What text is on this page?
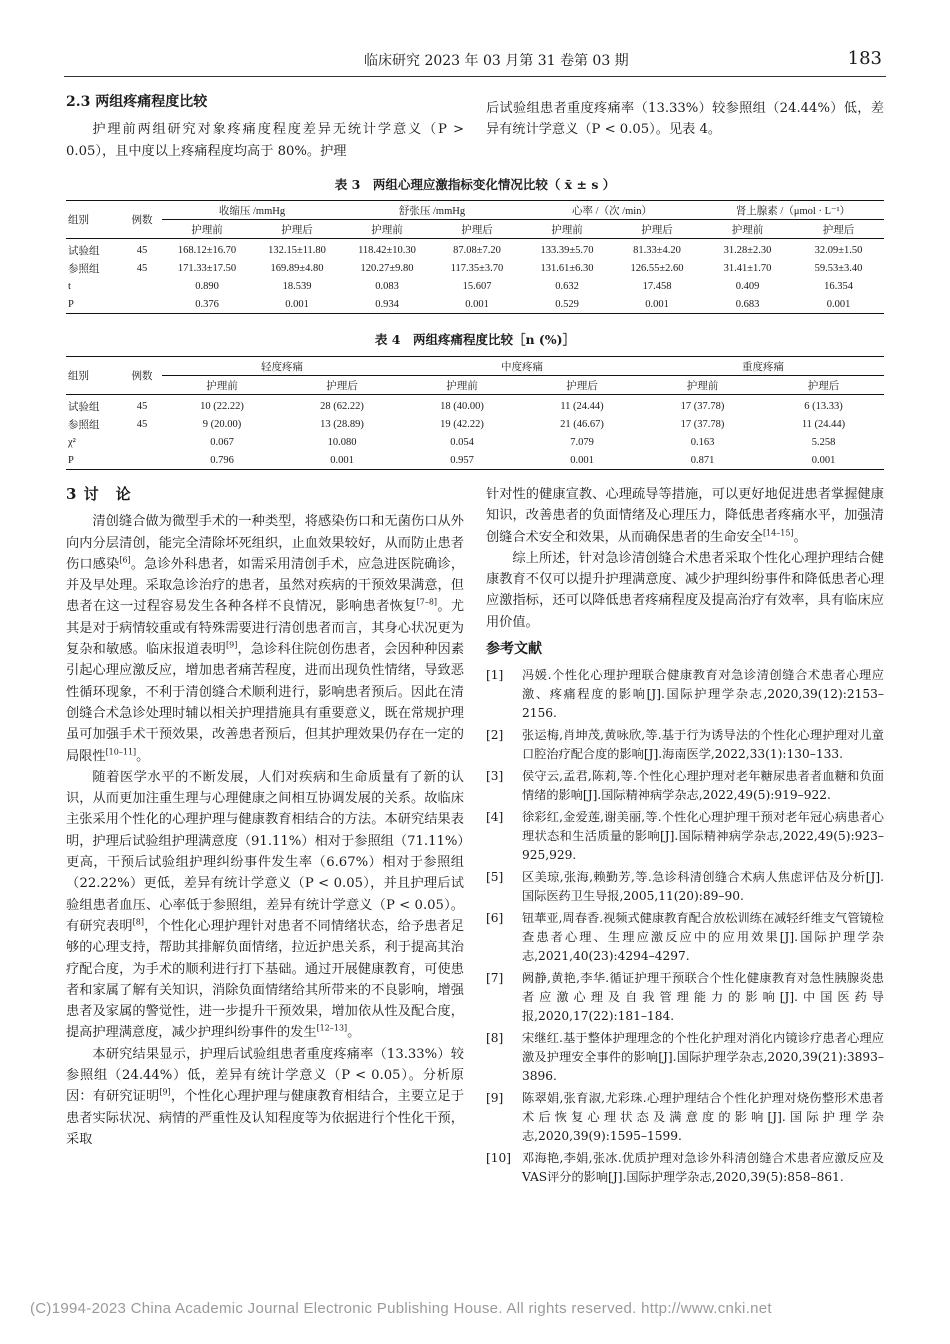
临床研究 2023 年 03 月第 31 卷第 03 期	183
2.3 两组疼痛程度比较

护理前两组研究对象疼痛度程度差异无统计学意义（P > 0.05），且中度以上疼痛程度均高于 80%。护理

后试验组患者重度疼痛率（13.33%）较参照组（24.44%）低，差异有统计学意义（P < 0.05）。见表 4。

表 3　两组心理应激指标变化情况比较（ x̄ ± s ）
组别	例数	收缩压 /mmHg		舒张压 /mmHg		心率 /（次 /min）		肾上腺素 /（μmol · L⁻¹）	
		护理前	护理后	护理前	护理后	护理前	护理后	护理前	护理后
试验组	45	168.12±16.70	132.15±11.80	118.42±10.30	87.08±7.20	133.39±5.70	81.33±4.20	31.28±2.30	32.09±1.50
参照组	45	171.33±17.50	169.89±4.80	120.27±9.80	117.35±3.70	131.61±6.30	126.55±2.60	31.41±1.70	59.53±3.40
t		0.890	18.539	0.083	15.607	0.632	17.458	0.409	16.354
P		0.376	0.001	0.934	0.001	0.529	0.001	0.683	0.001
表 4　两组疼痛程度比较［n (%)］
组别	例数	轻度疼痛		中度疼痛		重度疼痛	
		护理前	护理后	护理前	护理后	护理前	护理后
试验组	45	10 (22.22)	28 (62.22)	18 (40.00)	11 (24.44)	17 (37.78)	6 (13.33)
参照组	45	9 (20.00)	13 (28.89)	19 (42.22)	21 (46.67)	17 (37.78)	11 (24.44)
χ²		0.067	10.080	0.054	7.079	0.163	5.258
P		0.796	0.001	0.957	0.001	0.871	0.001
3 讨　论

清创缝合做为微型手术的一种类型，将感染伤口和无菌伤口从外向内分层清创，能完全清除坏死组织，止血效果较好，从而防止患者伤口感染[6]。急诊外科患者，如需采用清创手术，应急进医院确诊，并及早处理。采取急诊治疗的患者，虽然对疾病的干预效果满意，但患者在这一过程容易发生各种各样不良情况，影响患者恢复[7–8]。尤其是对于病情较重或有特殊需要进行清创患者而言，其身心状况更为复杂和敏感。临床报道表明[9]，急诊科住院创伤患者，会因种种因素引起心理应激反应，增加患者痛苦程度，进而出现负性情绪，导致恶性循环现象，不利于清创缝合术顺利进行，影响患者预后。因此在清创缝合术急诊处理时辅以相关护理措施具有重要意义，既在常规护理虽可加强手术干预效果，改善患者预后，但其护理效果仍存在一定的局限性[10–11]。

随着医学水平的不断发展，人们对疾病和生命质量有了新的认识，从而更加注重生理与心理健康之间相互协调发展的关系。故临床主张采用个性化的心理护理与健康教育相结合的方法。本研究结果表明，护理后试验组护理满意度（91.11%）相对于参照组（71.11%）更高，干预后试验组护理纠纷事件发生率（6.67%）相对于参照组（22.22%）更低，差异有统计学意义（P < 0.05），并且护理后试验组患者血压、心率低于参照组，差异有统计学意义（P < 0.05）。有研究表明[8]，个性化心理护理针对患者不同情绪状态，给予患者足够的心理支持，帮助其排解负面情绪，拉近护患关系，利于提高其治疗配合度，为手术的顺利进行打下基础。通过开展健康教育，可使患者和家属了解有关知识，消除负面情绪给其所带来的不良影响，增强患者及家属的警觉性，进一步提升干预效果，增加依从性及配合度，提高护理满意度，减少护理纠纷事件的发生[12–13]。

本研究结果显示，护理后试验组患者重度疼痛率（13.33%）较参照组（24.44%）低，差异有统计学意义（P < 0.05）。分析原因：有研究证明[9]，个性化心理护理与健康教育相结合，主要立足于患者实际状况、病情的严重性及认知程度等为依据进行个性化干预，采取

针对性的健康宣教、心理疏导等措施，可以更好地促进患者掌握健康知识，改善患者的负面情绪及心理压力，降低患者疼痛水平，加强清创缝合术安全和效果，从而确保患者的生命安全[14–15]。

综上所述，针对急诊清创缝合术患者采取个性化心理护理结合健康教育不仅可以提升护理满意度、减少护理纠纷事件和降低患者心理应激指标，还可以降低患者疼痛程度及提高治疗有效率，具有临床应用价值。

参考文献
[1] 冯媛.个性化心理护理联合健康教育对急诊清创缝合术患者心理应激、疼痛程度的影响[J].国际护理学杂志,2020,39(12):2153–2156.
[2] 张运梅,肖坤茂,黄咏欣,等.基于行为诱导法的个性化心理护理对儿童口腔治疗配合度的影响[J].海南医学,2022,33(1):130–133.
[3] 侯守云,孟君,陈莉,等.个性化心理护理对老年糖尿患者者血糖和负面情绪的影响[J].国际精神病学杂志,2022,49(5):919–922.
[4] 徐彩红,金爱莲,谢美丽,等.个性化心理护理干预对老年冠心病患者心理状态和生活质量的影响[J].国际精神病学杂志,2022,49(5):923–925,929.
[5] 区美琼,张海,赖勤芳,等.急诊科清创缝合术病人焦虑评估及分析[J].国际医药卫生导报,2005,11(20):89–90.
[6] 钮華亚,周春香.视频式健康教育配合放松训练在减轻纤维支气管镜检查患者心理、生理应激反应中的应用效果[J].国际护理学杂志,2021,40(23):4294–4297.
[7] 阙静,黄艳,李华.循证护理干预联合个性化健康教育对急性胰腺炎患者应激心理及自我管理能力的影响[J].中国医药导报,2020,17(22):181–184.
[8] 宋继红.基于整体护理理念的个性化护理对消化内镜诊疗患者心理应激及护理安全事件的影响[J].国际护理学杂志,2020,39(21):3893–3896.
[9] 陈翠娟,张育淑,尤彩珠.心理护理结合个性化护理对烧伤整形术患者术后恢复心理状态及满意度的影响[J].国际护理学杂志,2020,39(9):1595–1599.
[10] 邓海艳,李娟,张冰.优质护理对急诊外科清创缝合术患者应激反应及VAS评分的影响[J].国际护理学杂志,2020,39(5):858–861.
(C)1994-2023 China Academic Journal Electronic Publishing House. All rights reserved. http://www.cnki.net
